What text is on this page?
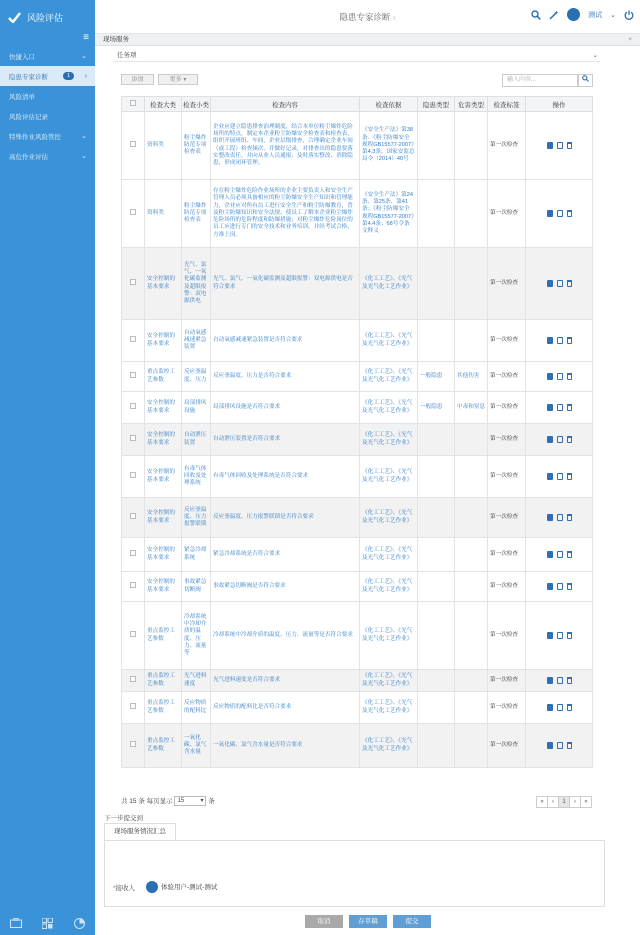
风险评估
≡
快捷入口	⌄
隐患专家诊断	1	›
风险清单
风险评估记录
特殊作业风险管控	⌄
高危作业评估	⌄
隐患专家诊断 ›	测试 ⌄
现场服务	×
任务项	⌄
添加	更多 ▾	输入内容...
	检查大类	检查小类	检查内容	检查依据	隐患类型	危害类型	检查标签	操作
	资料类	粉尘爆炸防范专项检查表	企业应建立隐患排查治理制度，结合本单位粉尘爆炸危险场所的特点，制定本企业粉尘防爆安全检查表和检查表，组织开展班组、车间、企业层级排查，合理确定企业车间（或工段）检查频次，并做好记录，对排查出的隐患要落实整改责任，并向从业人员通报；及时落实整改、消除隐患，形成闭环管理。	《安全生产法》第38条、《粉尘防爆安全规程GB15577-2007》第4.3条、国家安监总局令（2014）40号			第一次检查	

	资料类	粉尘爆炸防范专项检查表	存在粉尘爆炸危险作业场所的企业主要负责人和安全生产管理人员必须具备相应的粉尘防爆安全生产知识和管理能力，企业应对所有员工进行安全生产和粉尘防爆教育，普及粉尘防爆知识和安全法规，使员工了解本企业粉尘爆炸危险场所的危险程度和防爆措施；对粉尘爆炸危险岗位的员工应进行专门的安全技术和业务培训，并经考试合格，方准上岗。	《安全生产法》第24条、第25条、第41条；《粉尘防爆安全规程GB15577-2007》第4.4条；68号令条文释义			第一次检查	

	安全控制的基本要求	光气、氯气、一氧化碳监测及超限报警：双电源供电	光气、氯气、一氧化碳监测及超限报警：双电源供电是否符合要求	《化工工艺》、《光气及光气化工艺作业》			第一次检查	

	安全控制的基本要求	自动氧感减速紧急装置	自动氧感减速紧急装置是否符合要求	《化工工艺》、《光气及光气化工艺作业》			第一次检查	

	重点监控工艺参数	反应釜温度、压力	反应釜温度、压力是否符合要求	《化工工艺》、《光气及光气化工艺作业》	一般隐患	其他伤害	第一次检查	

	安全控制的基本要求	局部排风设施	局部排风设施是否符合要求	《化工工艺》、《光气及光气化工艺作业》	一般隐患	中毒和窒息	第一次检查	

	安全控制的基本要求	自动泄压装置	自动泄压装置是否符合要求	《化工工艺》、《光气及光气化工艺作业》			第一次检查	

	安全控制的基本要求	有毒气体回收及处理系统	有毒气体回收及处理系统是否符合要求	《化工工艺》、《光气及光气化工艺作业》			第一次检查	

	安全控制的基本要求	反应釜温度、压力报警联锁	反应釜温度、压力报警联锁是否符合要求	《化工工艺》、《光气及光气化工艺作业》			第一次检查	

	安全控制的基本要求	紧急冷却系统	紧急冷却系统是否符合要求	《化工工艺》、《光气及光气化工艺作业》			第一次检查	

	安全控制的基本要求	事故紧急切断阀	事故紧急切断阀是否符合要求	《化工工艺》、《光气及光气化工艺作业》			第一次检查	

	重点监控工艺参数	冷却系统中冷却介质的温度、压力、流量等	冷却系统中冷却介质的温度、压力、流量等是否符合要求	《化工工艺》、《光气及光气化工艺作业》			第一次检查	

	重点监控工艺参数	光气进料速度	光气进料速度是否符合要求	《化工工艺》、《光气及光气化工艺作业》			第一次检查	

	重点监控工艺参数	反应物质的配料比	反应物质的配料比是否符合要求	《化工工艺》、《光气及光气化工艺作业》			第一次检查	

	重点监控工艺参数	一氧化碳、氯气含水量	一氧化碳、氯气含水量是否符合要求	《化工工艺》、《光气及光气化工艺作业》			第一次检查	
共 15 条 每页显示 15	▾ 条	«	‹	1	›	»
下一步提交到
现场服务情况汇总
*接收人	体验用户-测试-测试
取消	存草稿	提交
